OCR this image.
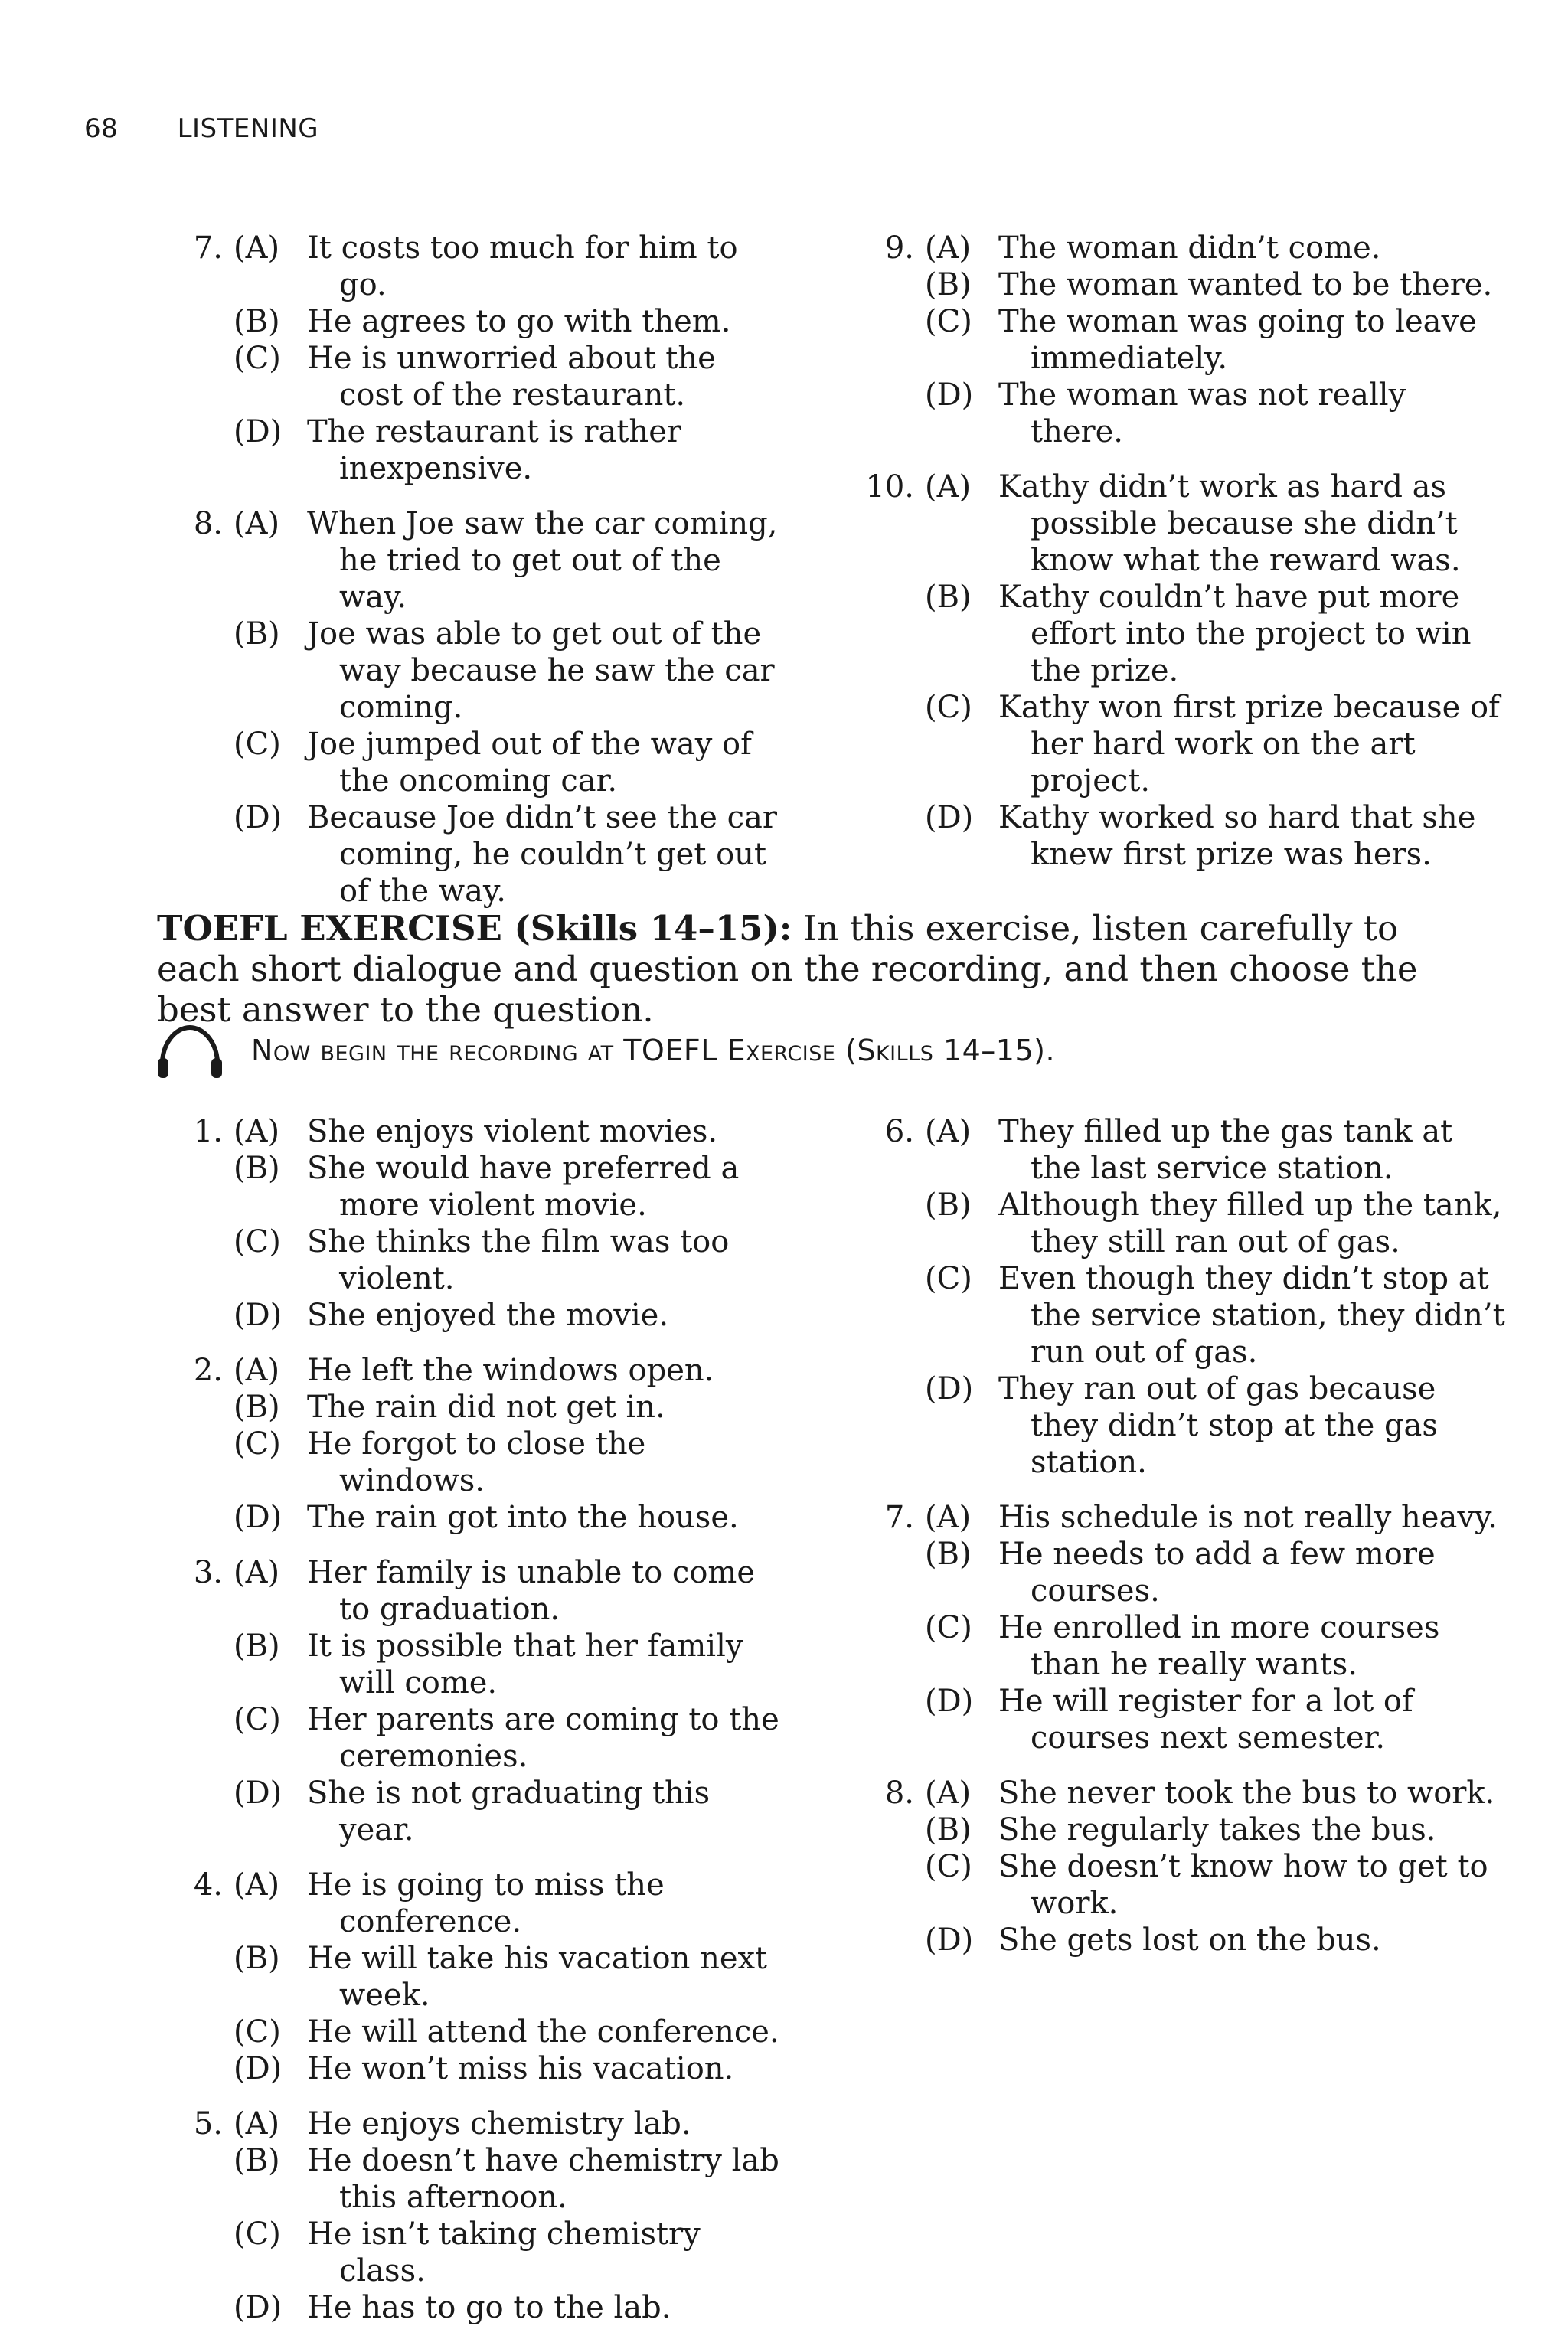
68 LISTENING
7. (A) It costs too much for him to go.
(B) He agrees to go with them.
(C) He is unworried about the cost of the restaurant.
(D) The restaurant is rather inexpensive.
8. (A) When Joe saw the car coming, he tried to get out of the way.
(B) Joe was able to get out of the way because he saw the car coming.
(C) Joe jumped out of the way of the oncoming car.
(D) Because Joe didn’t see the car coming, he couldn’t get out of the way.
9. (A) The woman didn’t come.
(B) The woman wanted to be there.
(C) The woman was going to leave immediately.
(D) The woman was not really there.
10. (A) Kathy didn’t work as hard as possible because she didn’t know what the reward was.
(B) Kathy couldn’t have put more effort into the project to win the prize.
(C) Kathy won first prize because of her hard work on the art project.
(D) Kathy worked so hard that she knew first prize was hers.
TOEFL EXERCISE (Skills 14–15): In this exercise, listen carefully to each short dialogue and question on the recording, and then choose the best answer to the question.
Now begin the recording at TOEFL Exercise (Skills 14–15).
1. (A) She enjoys violent movies.
(B) She would have preferred a more violent movie.
(C) She thinks the film was too violent.
(D) She enjoyed the movie.
2. (A) He left the windows open.
(B) The rain did not get in.
(C) He forgot to close the windows.
(D) The rain got into the house.
3. (A) Her family is unable to come to graduation.
(B) It is possible that her family will come.
(C) Her parents are coming to the ceremonies.
(D) She is not graduating this year.
4. (A) He is going to miss the conference.
(B) He will take his vacation next week.
(C) He will attend the conference.
(D) He won’t miss his vacation.
5. (A) He enjoys chemistry lab.
(B) He doesn’t have chemistry lab this afternoon.
(C) He isn’t taking chemistry class.
(D) He has to go to the lab.
6. (A) They filled up the gas tank at the last service station.
(B) Although they filled up the tank, they still ran out of gas.
(C) Even though they didn’t stop at the service station, they didn’t run out of gas.
(D) They ran out of gas because they didn’t stop at the gas station.
7. (A) His schedule is not really heavy.
(B) He needs to add a few more courses.
(C) He enrolled in more courses than he really wants.
(D) He will register for a lot of courses next semester.
8. (A) She never took the bus to work.
(B) She regularly takes the bus.
(C) She doesn’t know how to get to work.
(D) She gets lost on the bus.
